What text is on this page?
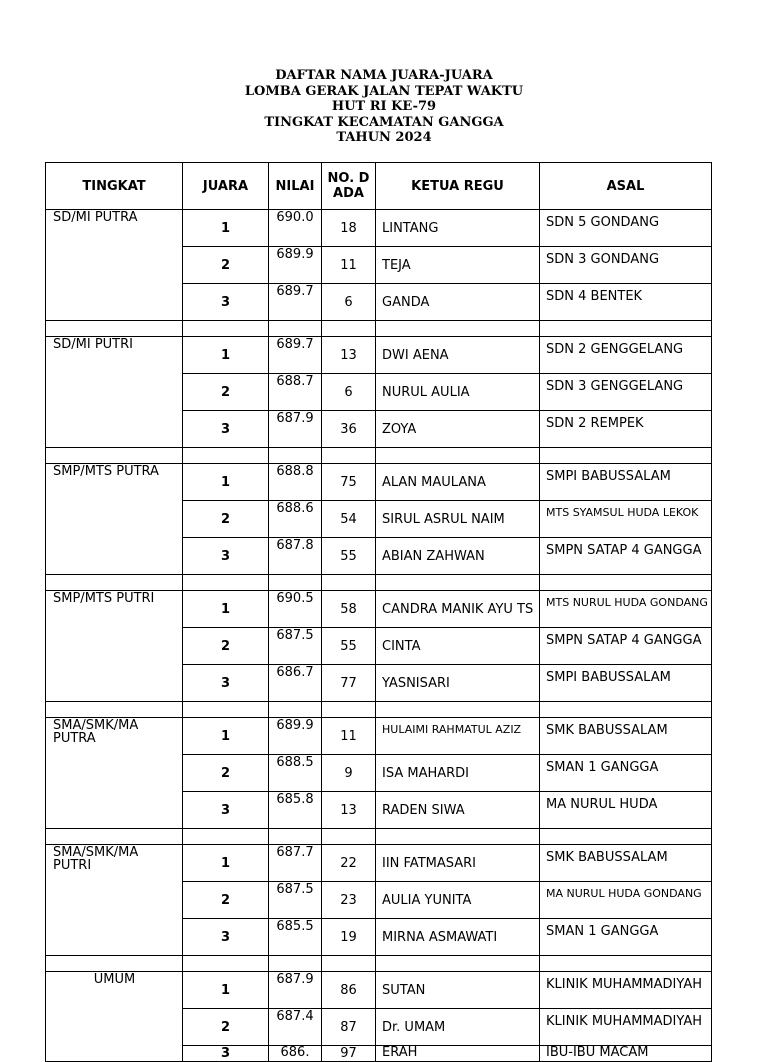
DAFTAR NAMA JUARA-JUARA
LOMBA GERAK JALAN TEPAT WAKTU
HUT RI KE-79
TINGKAT KECAMATAN GANGGA
TAHUN 2024
TINGKAT	JUARA	NILAI	NO. DADA	KETUA REGU	ASAL
SD/MI PUTRA	1	690.0	18	LINTANG	SDN 5 GONDANG
	2	689.9	11	TEJA	SDN 3 GONDANG
	3	689.7	6	GANDA	SDN 4 BENTEK

SD/MI PUTRI	1	689.7	13	DWI AENA	SDN 2 GENGGELANG
	2	688.7	6	NURUL AULIA	SDN 3 GENGGELANG
	3	687.9	36	ZOYA	SDN 2 REMPEK

SMP/MTS PUTRA	1	688.8	75	ALAN MAULANA	SMPI BABUSSALAM
	2	688.6	54	SIRUL ASRUL NAIM	MTS SYAMSUL HUDA LEKOK
	3	687.8	55	ABIAN ZAHWAN	SMPN SATAP 4 GANGGA

SMP/MTS PUTRI	1	690.5	58	CANDRA MANIK AYU TS	MTS NURUL HUDA GONDANG
	2	687.5	55	CINTA	SMPN SATAP 4 GANGGA
	3	686.7	77	YASNISARI	SMPI BABUSSALAM

SMA/SMK/MA PUTRA	1	689.9	11	HULAIMI RAHMATUL AZIZ	SMK BABUSSALAM
	2	688.5	9	ISA MAHARDI	SMAN 1 GANGGA
	3	685.8	13	RADEN SIWA	MA NURUL HUDA

SMA/SMK/MA PUTRI	1	687.7	22	IIN FATMASARI	SMK BABUSSALAM
	2	687.5	23	AULIA YUNITA	MA NURUL HUDA GONDANG
	3	685.5	19	MIRNA ASMAWATI	SMAN 1 GANGGA

UMUM	1	687.9	86	SUTAN	KLINIK MUHAMMADIYAH
	2	687.4	87	Dr. UMAM	KLINIK MUHAMMADIYAH
	3	686.	97	ERAH	IBU-IBU MACAM
